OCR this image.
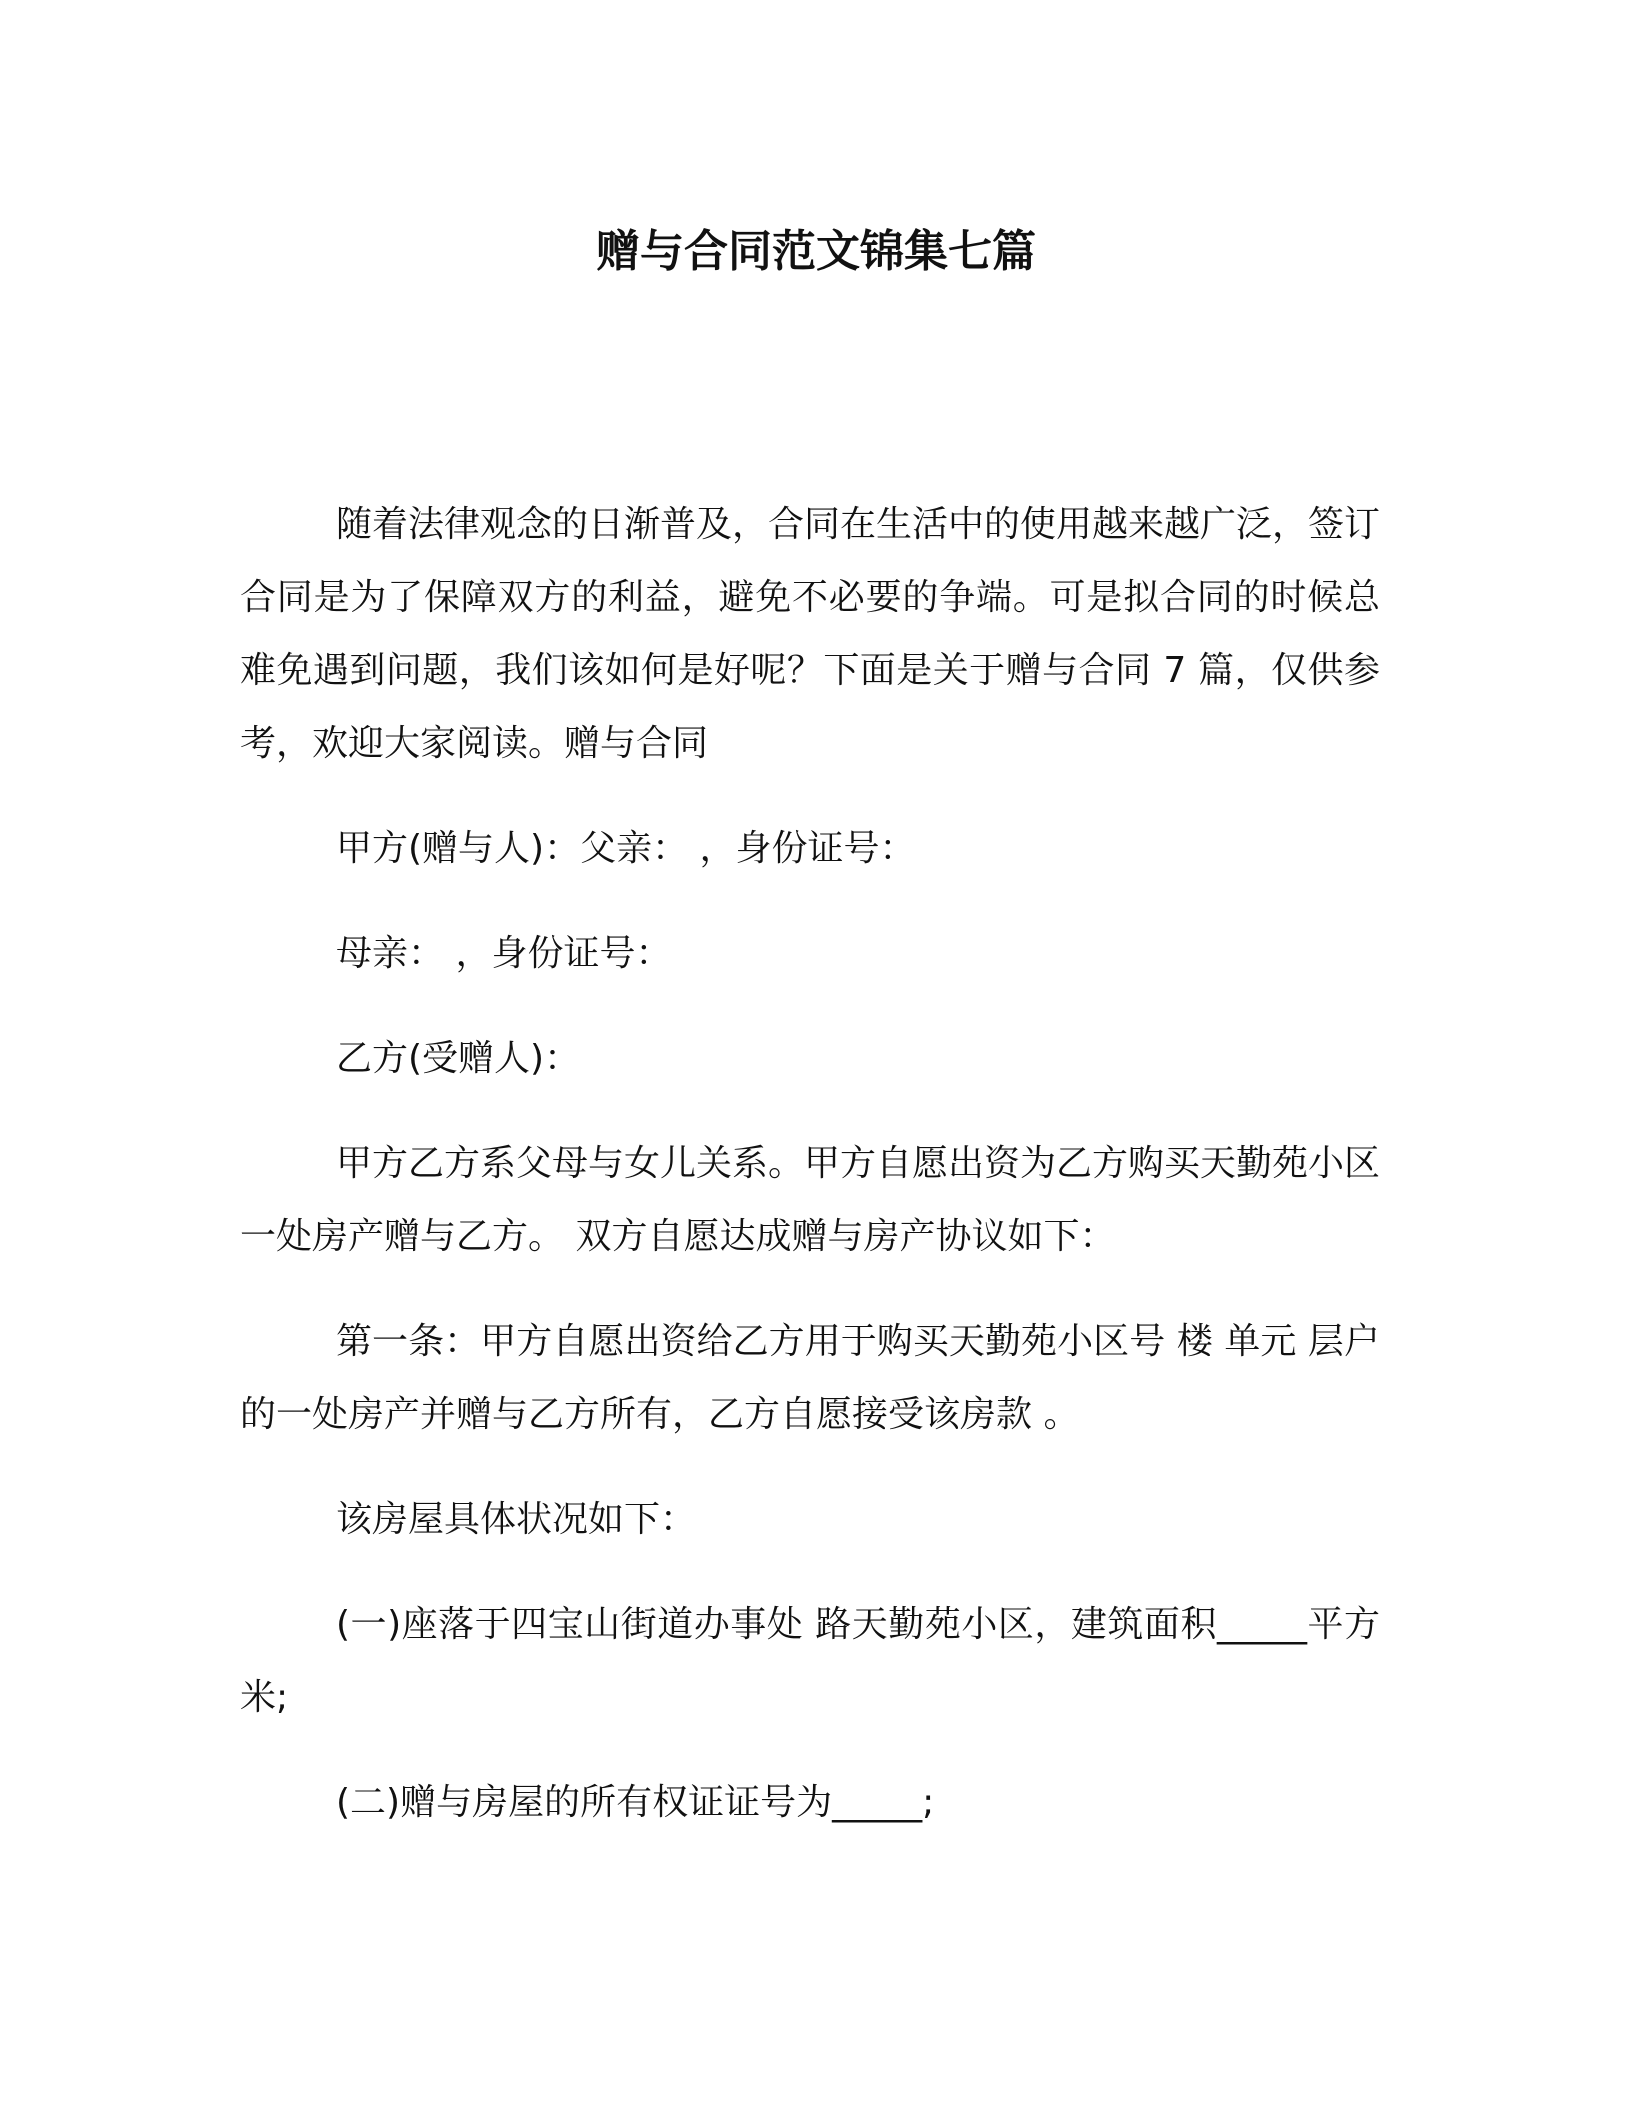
赠与合同范文锦集七篇

随着法律观念的日渐普及，合同在生活中的使用越来越广泛，签订合同是为了保障双方的利益，避免不必要的争端。可是拟合同的时候总难免遇到问题，我们该如何是好呢？下面是关于赠与合同 7 篇，仅供参考，欢迎大家阅读。赠与合同

甲方(赠与人)：父亲： ，身份证号：

母亲： ，身份证号：

乙方(受赠人)：

甲方乙方系父母与女儿关系。甲方自愿出资为乙方购买天勤苑小区一处房产赠与乙方。 双方自愿达成赠与房产协议如下：

第一条：甲方自愿出资给乙方用于购买天勤苑小区号 楼 单元 层户的一处房产并赠与乙方所有，乙方自愿接受该房款 。

该房屋具体状况如下：

(一)座落于四宝山街道办事处 路天勤苑小区，建筑面积_____平方米;

(二)赠与房屋的所有权证证号为_____;
